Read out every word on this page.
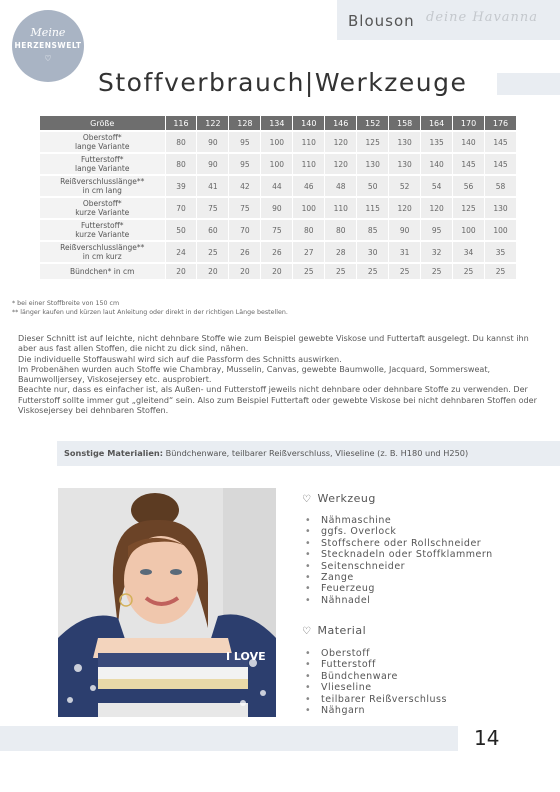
Blouson deine Havanna
Meine
HERZENSWELT
♡
Stoffverbrauch|Werkzeuge
Größe	116	122	128	134	140	146	152	158	164	170	176

Oberstoff*
lange Variante	80	90	95	100	110	120	125	130	135	140	145

Futterstoff*
lange Variante	80	90	95	100	110	120	130	130	140	145	145

Reißverschlusslänge**
in cm lang	39	41	42	44	46	48	50	52	54	56	58

Oberstoff*
kurze Variante	70	75	75	90	100	110	115	120	120	125	130

Futterstoff*
kurze Variante	50	60	70	75	80	80	85	90	95	100	100

Reißverschlusslänge**
in cm kurz	24	25	26	26	27	28	30	31	32	34	35

Bündchen* in cm	20	20	20	20	25	25	25	25	25	25	25
* bei einer Stoffbreite von 150 cm
** länger kaufen und kürzen laut Anleitung oder direkt in der richtigen Länge bestellen.

Dieser Schnitt ist auf leichte, nicht dehnbare Stoffe wie zum Beispiel gewebte Viskose und Futtertaft ausgelegt. Du kannst ihn aber aus fast allen Stoffen, die nicht zu dick sind, nähen.

Die individuelle Stoffauswahl wird sich auf die Passform des Schnitts auswirken.

Im Probenähen wurden auch Stoffe wie Chambray, Musselin, Canvas, gewebte Baumwolle, Jacquard, Sommersweat, Baumwolljersey, Viskosejersey etc. ausprobiert.

Beachte nur, dass es einfacher ist, als Außen- und Futterstoff jeweils nicht dehnbare oder dehnbare Stoffe zu verwenden. Der Futterstoff sollte immer gut „gleitend“ sein. Also zum Beispiel Futtertaft oder gewebte Viskose bei nicht dehnbaren Stoffen oder Viskosejersey bei dehnbaren Stoffen.

Sonstige Materialien: Bündchenware, teilbarer Reißverschluss, Vlieseline (z. B. H180 und H250)
I LOVE
♡ Werkzeug
• Nähmaschine
• ggfs. Overlock
• Stoffschere oder Rollschneider
• Stecknadeln oder Stoffklammern
• Seitenschneider
• Zange
• Feuerzeug
• Nähnadel
♡ Material
• Oberstoff
• Futterstoff
• Bündchenware
• Vlieseline
• teilbarer Reißverschluss
• Nähgarn
14
